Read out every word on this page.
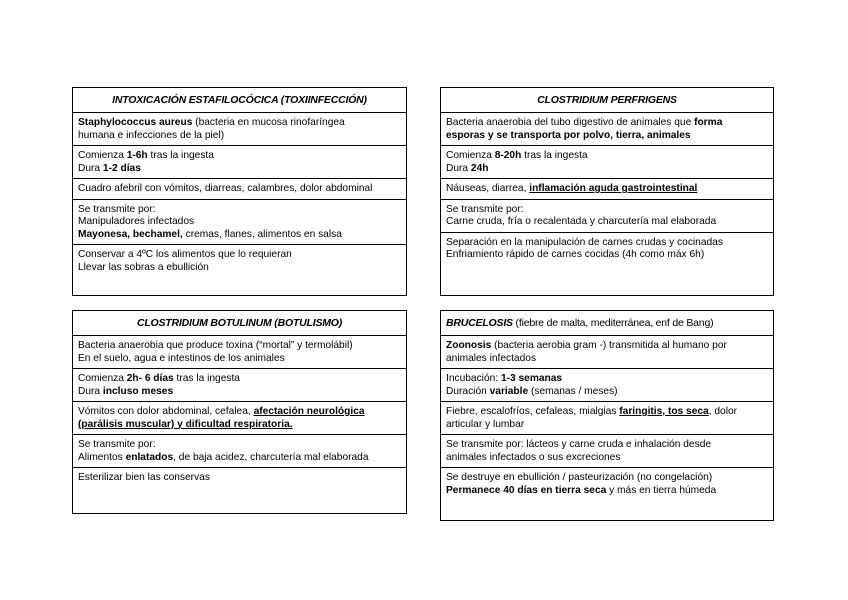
INTOXICACIÓN ESTAFILOCÓCICA (TOXIINFECCIÓN)
Staphylococcus aureus (bacteria en mucosa rinofaríngea
humana e infecciones de la piel)
Comienza 1-6h tras la ingesta
Dura 1-2 días
Cuadro afebril con vómitos, diarreas, calambres, dolor abdominal
Se transmite por:
Manipuladores infectados
Mayonesa, bechamel, cremas, flanes, alimentos en salsa
Conservar a 4ºC los alimentos que lo requieran
Llevar las sobras a ebullición
CLOSTRIDIUM PERFRIGENS
Bacteria anaerobia del tubo digestivo de animales que forma
esporas y se transporta por polvo, tierra, animales
Comienza 8-20h tras la ingesta
Dura 24h
Náuseas, diarrea, inflamación aguda gastrointestinal
Se transmite por:
Carne cruda, fría o recalentada y charcutería mal elaborada
Separación en la manipulación de carnes crudas y cocinadas
Enfriamiento rápido de carnes cocidas (4h como máx 6h)
CLOSTRIDIUM BOTULINUM (BOTULISMO)
Bacteria anaerobia que produce toxina (“mortal” y termolábil)
En el suelo, agua e intestinos de los animales
Comienza 2h- 6 días tras la ingesta
Dura incluso meses
Vómitos con dolor abdominal, cefalea, afectación neurológica
(parálisis muscular) y dificultad respiratoria.
Se transmite por:
Alimentos enlatados, de baja acidez, charcutería mal elaborada
Esterilizar bien las conservas
BRUCELOSIS (fiebre de malta, mediterránea, enf de Bang)
Zoonosis (bacteria aerobia gram -) transmitida al humano por
animales infectados
Incubación: 1-3 semanas
Duración variable (semanas / meses)
Fiebre, escalofríos, cefaleas, mialgias faringitis, tos seca, dolor
articular y lumbar
Se transmite por: lácteos y carne cruda e inhalación desde
animales infectados o sus excreciones
Se destruye en ebullición / pasteurización (no congelación)
Permanece 40 días en tierra seca y más en tierra húmeda
